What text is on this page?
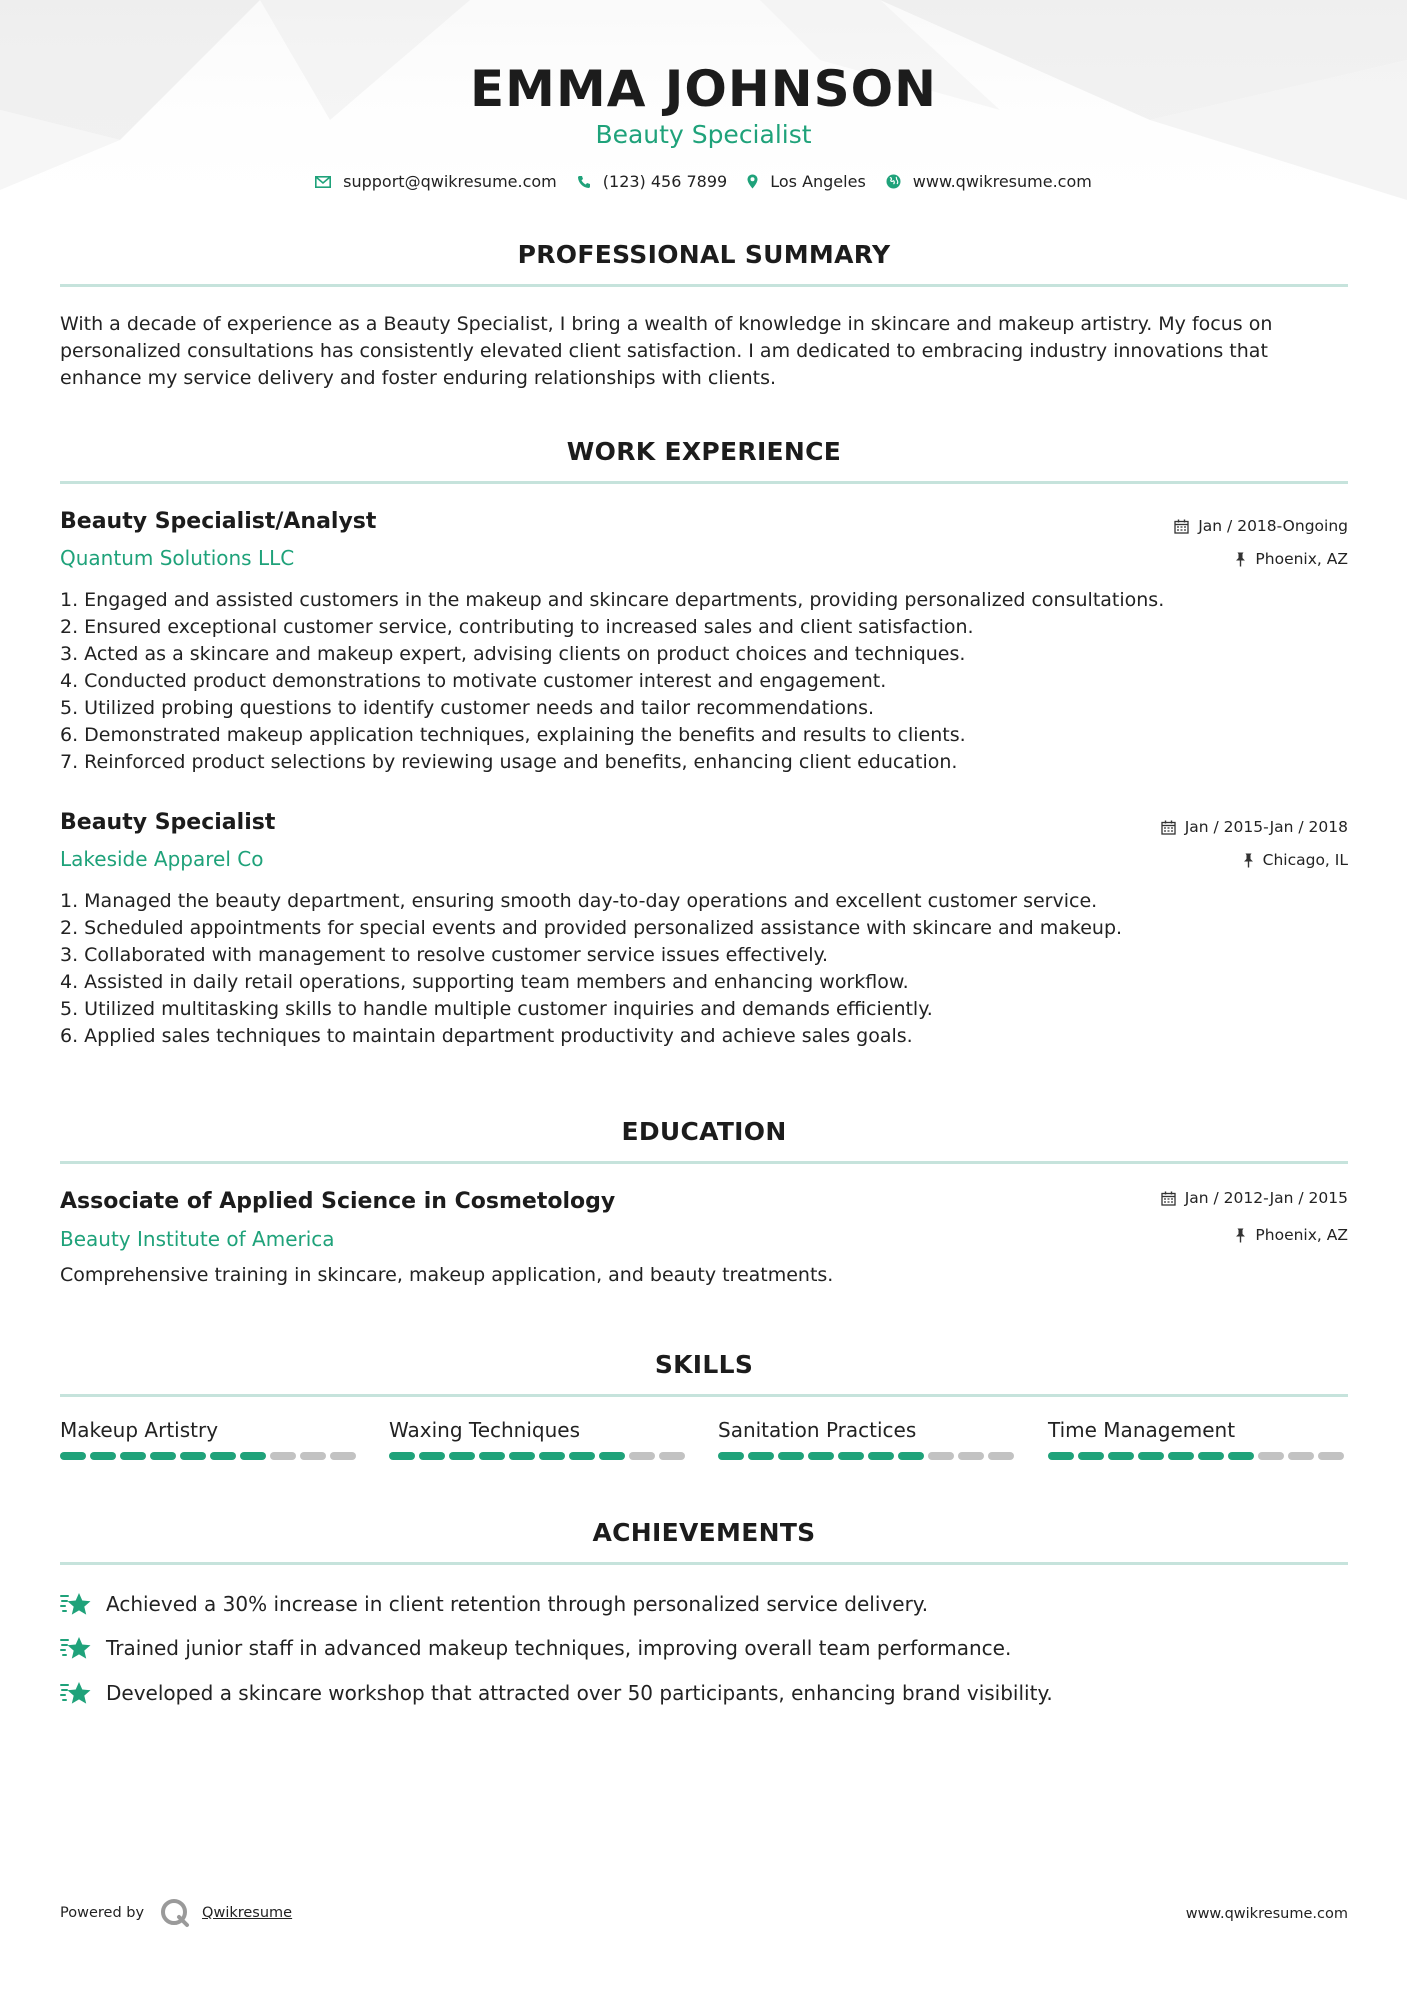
EMMA JOHNSON
Beauty Specialist
support@qwikresume.com	(123) 456 7899	Los Angeles	www.qwikresume.com
PROFESSIONAL SUMMARY
With a decade of experience as a Beauty Specialist, I bring a wealth of knowledge in skincare and makeup artistry. My focus on personalized consultations has consistently elevated client satisfaction. I am dedicated to embracing industry innovations that enhance my service delivery and foster enduring relationships with clients.
WORK EXPERIENCE
Beauty Specialist/Analyst
Quantum Solutions LLC
Jan / 2018-Ongoing
Phoenix, AZ
1. Engaged and assisted customers in the makeup and skincare departments, providing personalized consultations.
2. Ensured exceptional customer service, contributing to increased sales and client satisfaction.
3. Acted as a skincare and makeup expert, advising clients on product choices and techniques.
4. Conducted product demonstrations to motivate customer interest and engagement.
5. Utilized probing questions to identify customer needs and tailor recommendations.
6. Demonstrated makeup application techniques, explaining the benefits and results to clients.
7. Reinforced product selections by reviewing usage and benefits, enhancing client education.
Beauty Specialist
Lakeside Apparel Co
Jan / 2015-Jan / 2018
Chicago, IL
1. Managed the beauty department, ensuring smooth day-to-day operations and excellent customer service.
2. Scheduled appointments for special events and provided personalized assistance with skincare and makeup.
3. Collaborated with management to resolve customer service issues effectively.
4. Assisted in daily retail operations, supporting team members and enhancing workflow.
5. Utilized multitasking skills to handle multiple customer inquiries and demands efficiently.
6. Applied sales techniques to maintain department productivity and achieve sales goals.
EDUCATION
Associate of Applied Science in Cosmetology
Beauty Institute of America
Jan / 2012-Jan / 2015
Phoenix, AZ
Comprehensive training in skincare, makeup application, and beauty treatments.
SKILLS
Makeup Artistry	Waxing Techniques	Sanitation Practices	Time Management
ACHIEVEMENTS
Achieved a 30% increase in client retention through personalized service delivery.
Trained junior staff in advanced makeup techniques, improving overall team performance.
Developed a skincare workshop that attracted over 50 participants, enhancing brand visibility.
Powered by	Qwikresume	www.qwikresume.com
